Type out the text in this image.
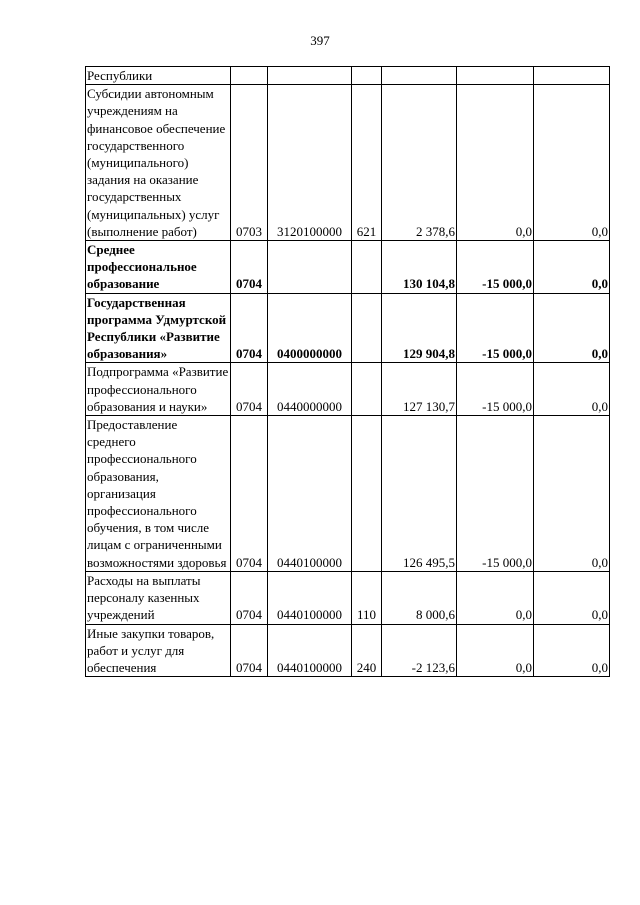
397
Республики						
Субсидии автономным учреждениям на финансовое обеспечение государственного (муниципального) задания на оказание государственных (муниципальных) услуг (выполнение работ)	0703	3120100000	621	2 378,6	0,0	0,0
Среднее профессиональное образование	0704			130 104,8	-15 000,0	0,0
Государственная программа Удмуртской Республики «Развитие образования»	0704	0400000000		129 904,8	-15 000,0	0,0
Подпрограмма «Развитие профессионального образования и науки»	0704	0440000000		127 130,7	-15 000,0	0,0
Предоставление среднего профессионального образования, организация профессионального обучения, в том числе лицам с ограниченными возможностями здоровья	0704	0440100000		126 495,5	-15 000,0	0,0
Расходы на выплаты персоналу казенных учреждений	0704	0440100000	110	8 000,6	0,0	0,0
Иные закупки товаров, работ и услуг для обеспечения	0704	0440100000	240	-2 123,6	0,0	0,0
